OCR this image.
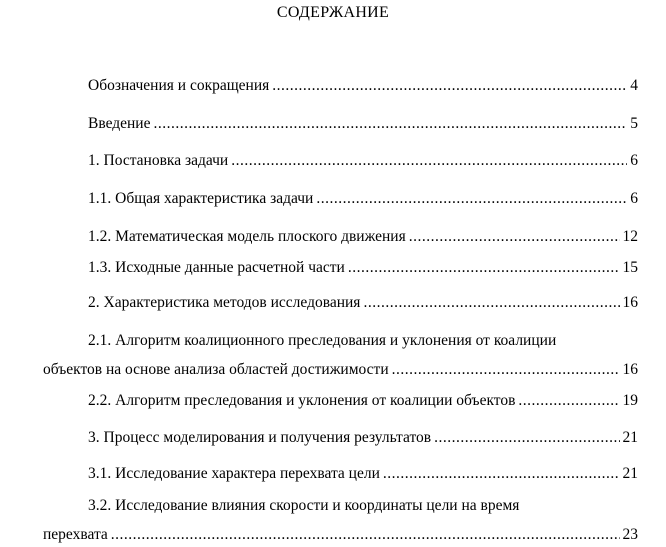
СОДЕРЖАНИЕ
Обозначения и сокращения .....	4
Введение .....	5
1. Постановка задачи .....	6
1.1. Общая характеристика задачи .....	6
1.2. Математическая модель плоского движения .....	12
1.3. Исходные данные расчетной части .....	15
2. Характеристика методов исследования .....	16
2.1. Алгоритм коалиционного преследования и уклонения от коалиции
объектов на основе анализа областей достижимости .....	16
2.2. Алгоритм преследования и уклонения от коалиции объектов .....	19
3. Процесс моделирования и получения результатов .....	21
3.1. Исследование характера перехвата цели .....	21
3.2. Исследование влияния скорости и координаты цели на время
перехвата .....	23
